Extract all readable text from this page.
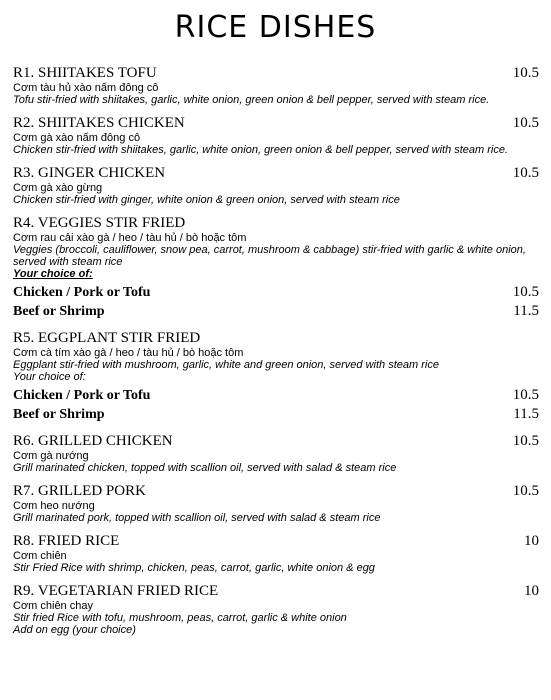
RICE DISHES
R1. SHIITAKES TOFU	10.5
Cơm tàu hủ xào nấm đông cô
Tofu stir-fried with shiitakes, garlic, white onion, green onion & bell pepper, served with steam rice.
R2. SHIITAKES CHICKEN	10.5
Cơm gà xào nấm đông cô
Chicken stir-fried with shiitakes, garlic, white onion, green onion & bell pepper, served with steam rice.
R3. GINGER CHICKEN	10.5
Cơm gà xào gừng
Chicken stir-fried with ginger, white onion & green onion, served with steam rice
R4. VEGGIES STIR FRIED
Cơm rau cải xào gà / heo / tàu hủ / bò hoặc tôm
Veggies (broccoli, cauliflower, snow pea, carrot, mushroom & cabbage) stir-fried with garlic & white onion, served with steam rice
Your choice of:
Chicken / Pork or Tofu	10.5
Beef or Shrimp	11.5
R5. EGGPLANT STIR FRIED
Cơm cà tím xào gà / heo / tàu hủ / bò hoặc tôm
Eggplant stir-fried with mushroom, garlic, white and green onion, served with steam rice
Your choice of:
Chicken / Pork or Tofu	10.5
Beef or Shrimp	11.5
R6. GRILLED CHICKEN	10.5
Cơm gà nướng
Grill marinated chicken, topped with scallion oil, served with salad & steam rice
R7. GRILLED PORK	10.5
Cơm heo nướng
Grill marinated pork, topped with scallion oil, served with salad & steam rice
R8. FRIED RICE	10
Cơm chiên
Stir Fried Rice with shrimp, chicken, peas, carrot, garlic, white onion & egg
R9. VEGETARIAN FRIED RICE	10
Cơm chiên chay
Stir fried Rice with tofu, mushroom, peas, carrot, garlic & white onion
Add on egg (your choice)
